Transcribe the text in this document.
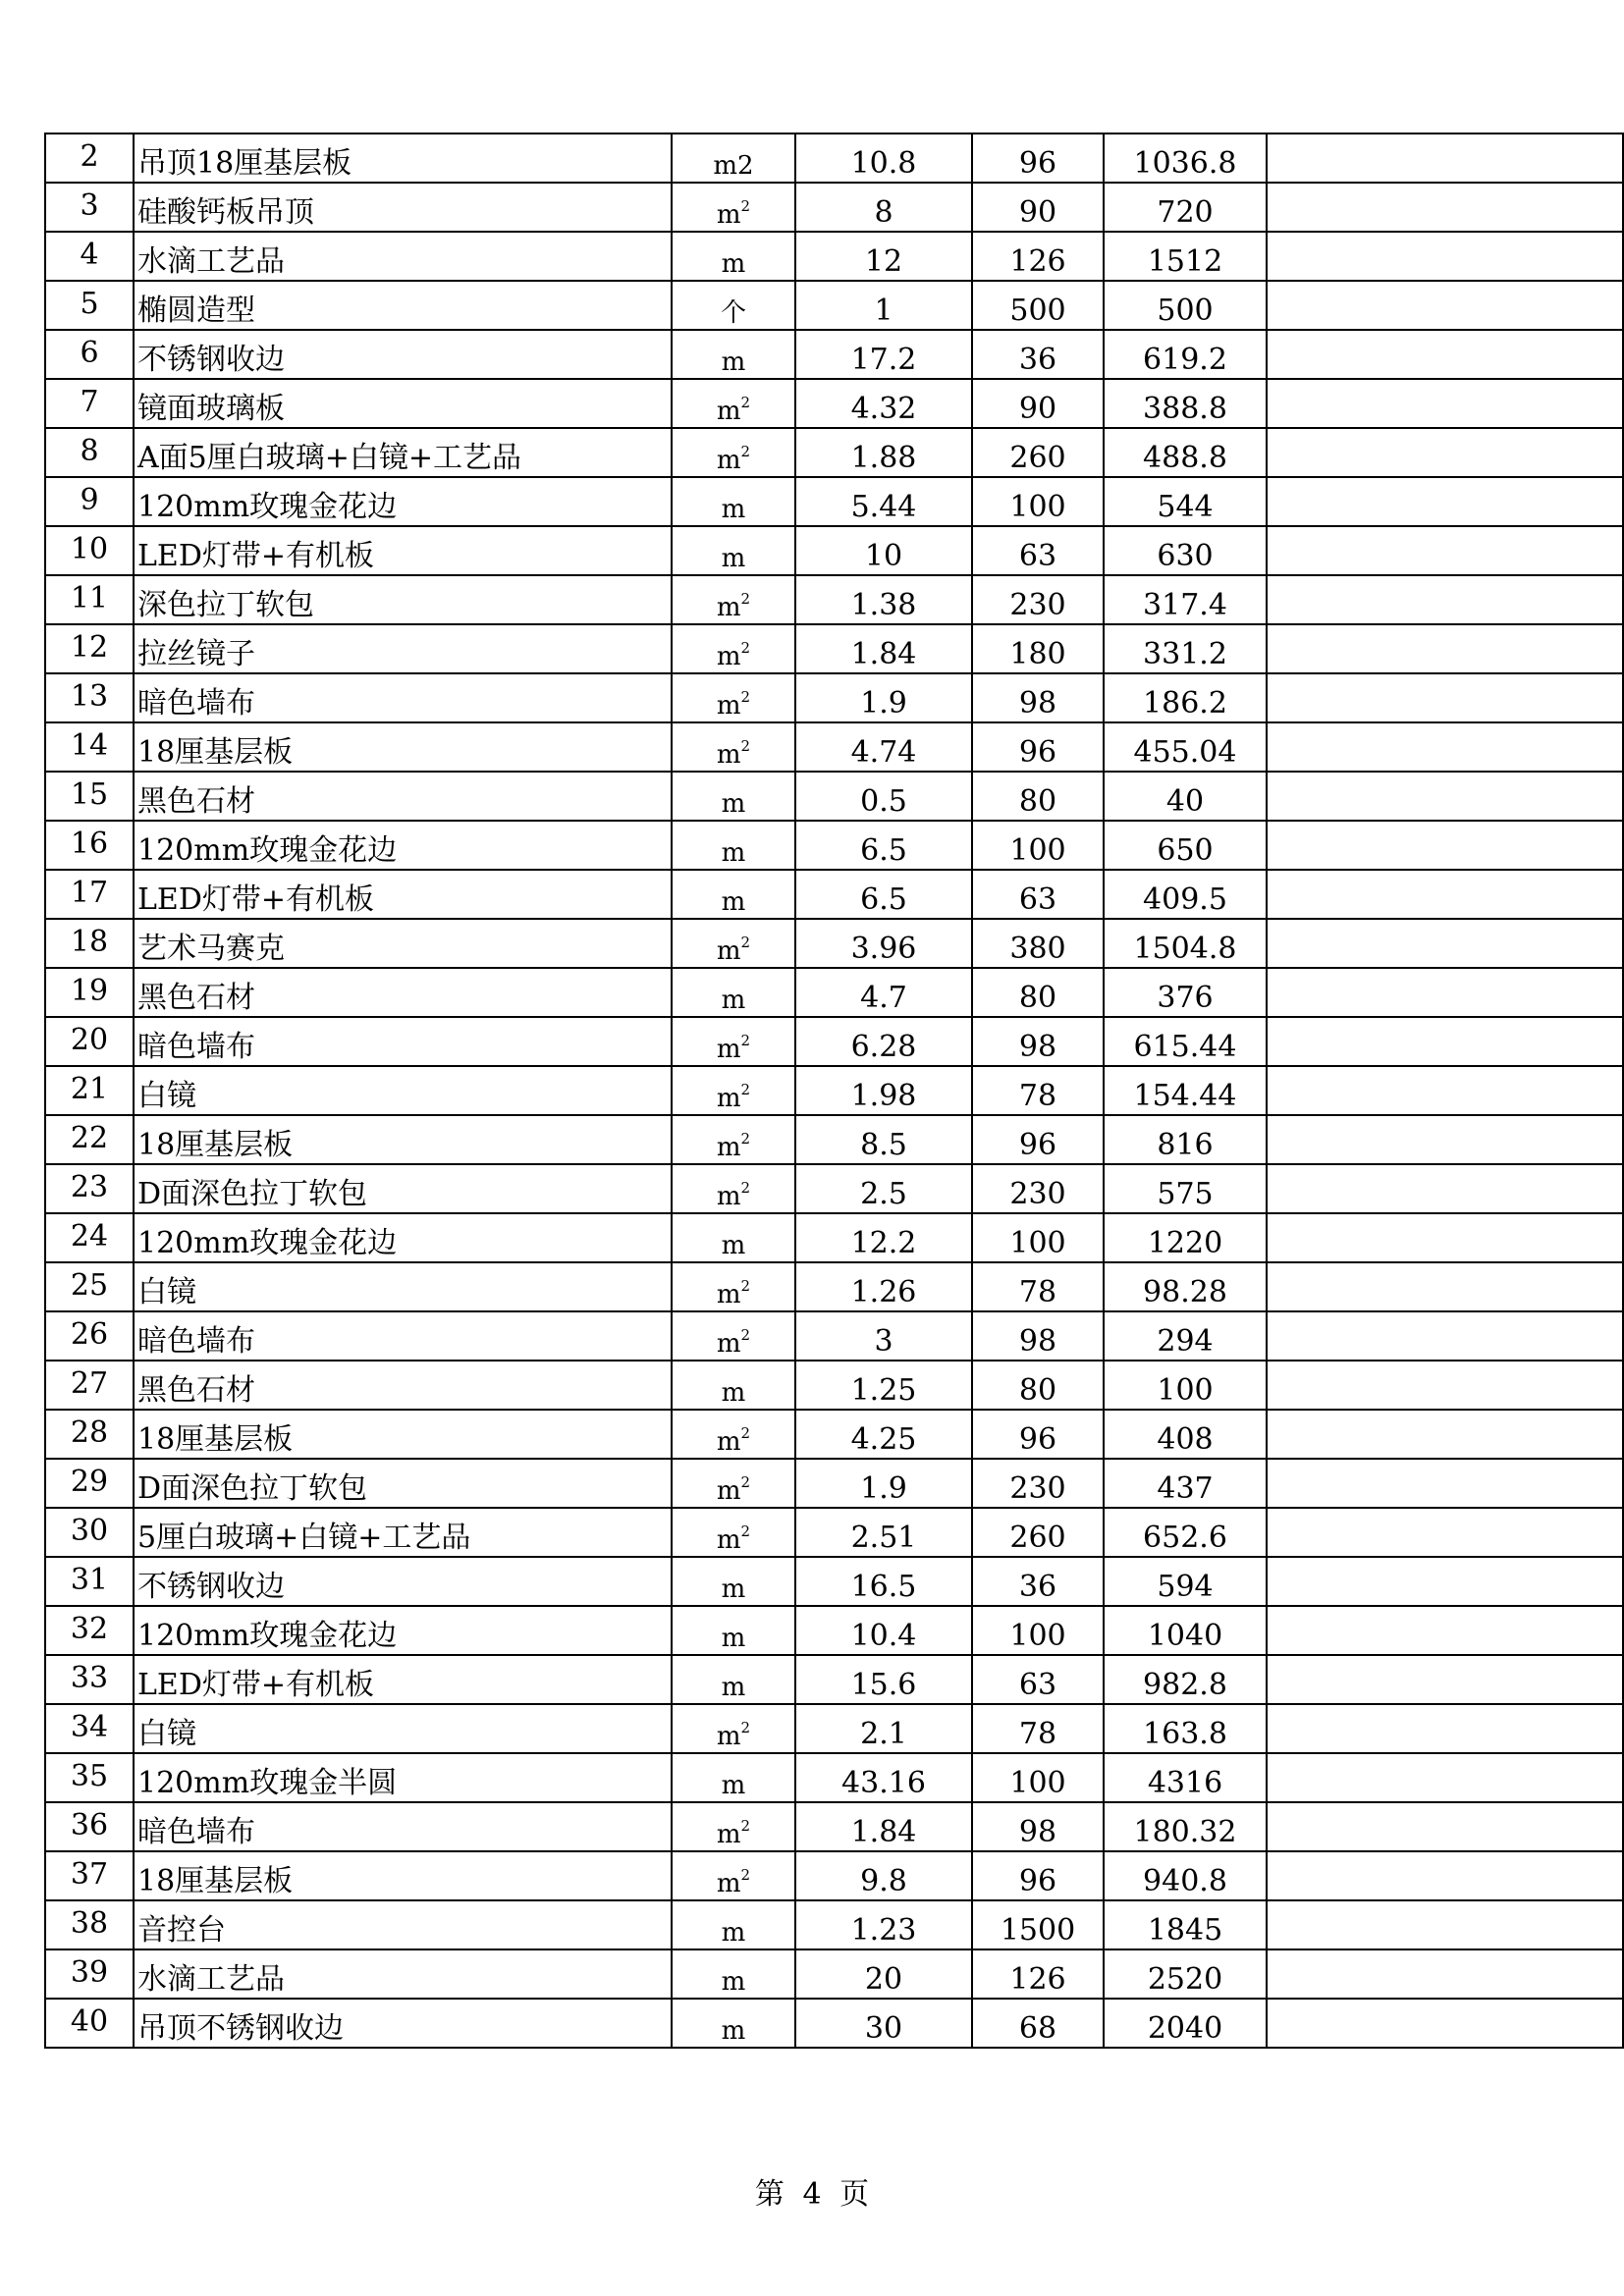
2	吊顶18厘基层板	m2	10.8	96	1036.8	
3	硅酸钙板吊顶	$m^2$	8	90	720	
4	水滴工艺品	m	12	126	1512	
5	椭圆造型	个	1	500	500	
6	不锈钢收边	m	17.2	36	619.2	
7	镜面玻璃板	$m^2$	4.32	90	388.8	
8	A面5厘白玻璃+白镜+工艺品	$m^2$	1.88	260	488.8	
9	120mm玫瑰金花边	m	5.44	100	544	
10	LED灯带+有机板	m	10	63	630	
11	深色拉丁软包	$m^2$	1.38	230	317.4	
12	拉丝镜子	$m^2$	1.84	180	331.2	
13	暗色墙布	$m^2$	1.9	98	186.2	
14	18厘基层板	$m^2$	4.74	96	455.04	
15	黑色石材	m	0.5	80	40	
16	120mm玫瑰金花边	m	6.5	100	650	
17	LED灯带+有机板	m	6.5	63	409.5	
18	艺术马赛克	$m^2$	3.96	380	1504.8	
19	黑色石材	m	4.7	80	376	
20	暗色墙布	$m^2$	6.28	98	615.44	
21	白镜	$m^2$	1.98	78	154.44	
22	18厘基层板	$m^2$	8.5	96	816	
23	D面深色拉丁软包	$m^2$	2.5	230	575	
24	120mm玫瑰金花边	m	12.2	100	1220	
25	白镜	$m^2$	1.26	78	98.28	
26	暗色墙布	$m^2$	3	98	294	
27	黑色石材	m	1.25	80	100	
28	18厘基层板	$m^2$	4.25	96	408	
29	D面深色拉丁软包	$m^2$	1.9	230	437	
30	5厘白玻璃+白镜+工艺品	$m^2$	2.51	260	652.6	
31	不锈钢收边	m	16.5	36	594	
32	120mm玫瑰金花边	m	10.4	100	1040	
33	LED灯带+有机板	m	15.6	63	982.8	
34	白镜	$m^2$	2.1	78	163.8	
35	120mm玫瑰金半圆	m	43.16	100	4316	
36	暗色墙布	$m^2$	1.84	98	180.32	
37	18厘基层板	$m^2$	9.8	96	940.8	
38	音控台	m	1.23	1500	1845	
39	水滴工艺品	m	20	126	2520	
40	吊顶不锈钢收边	m	30	68	2040	
第 4 页
